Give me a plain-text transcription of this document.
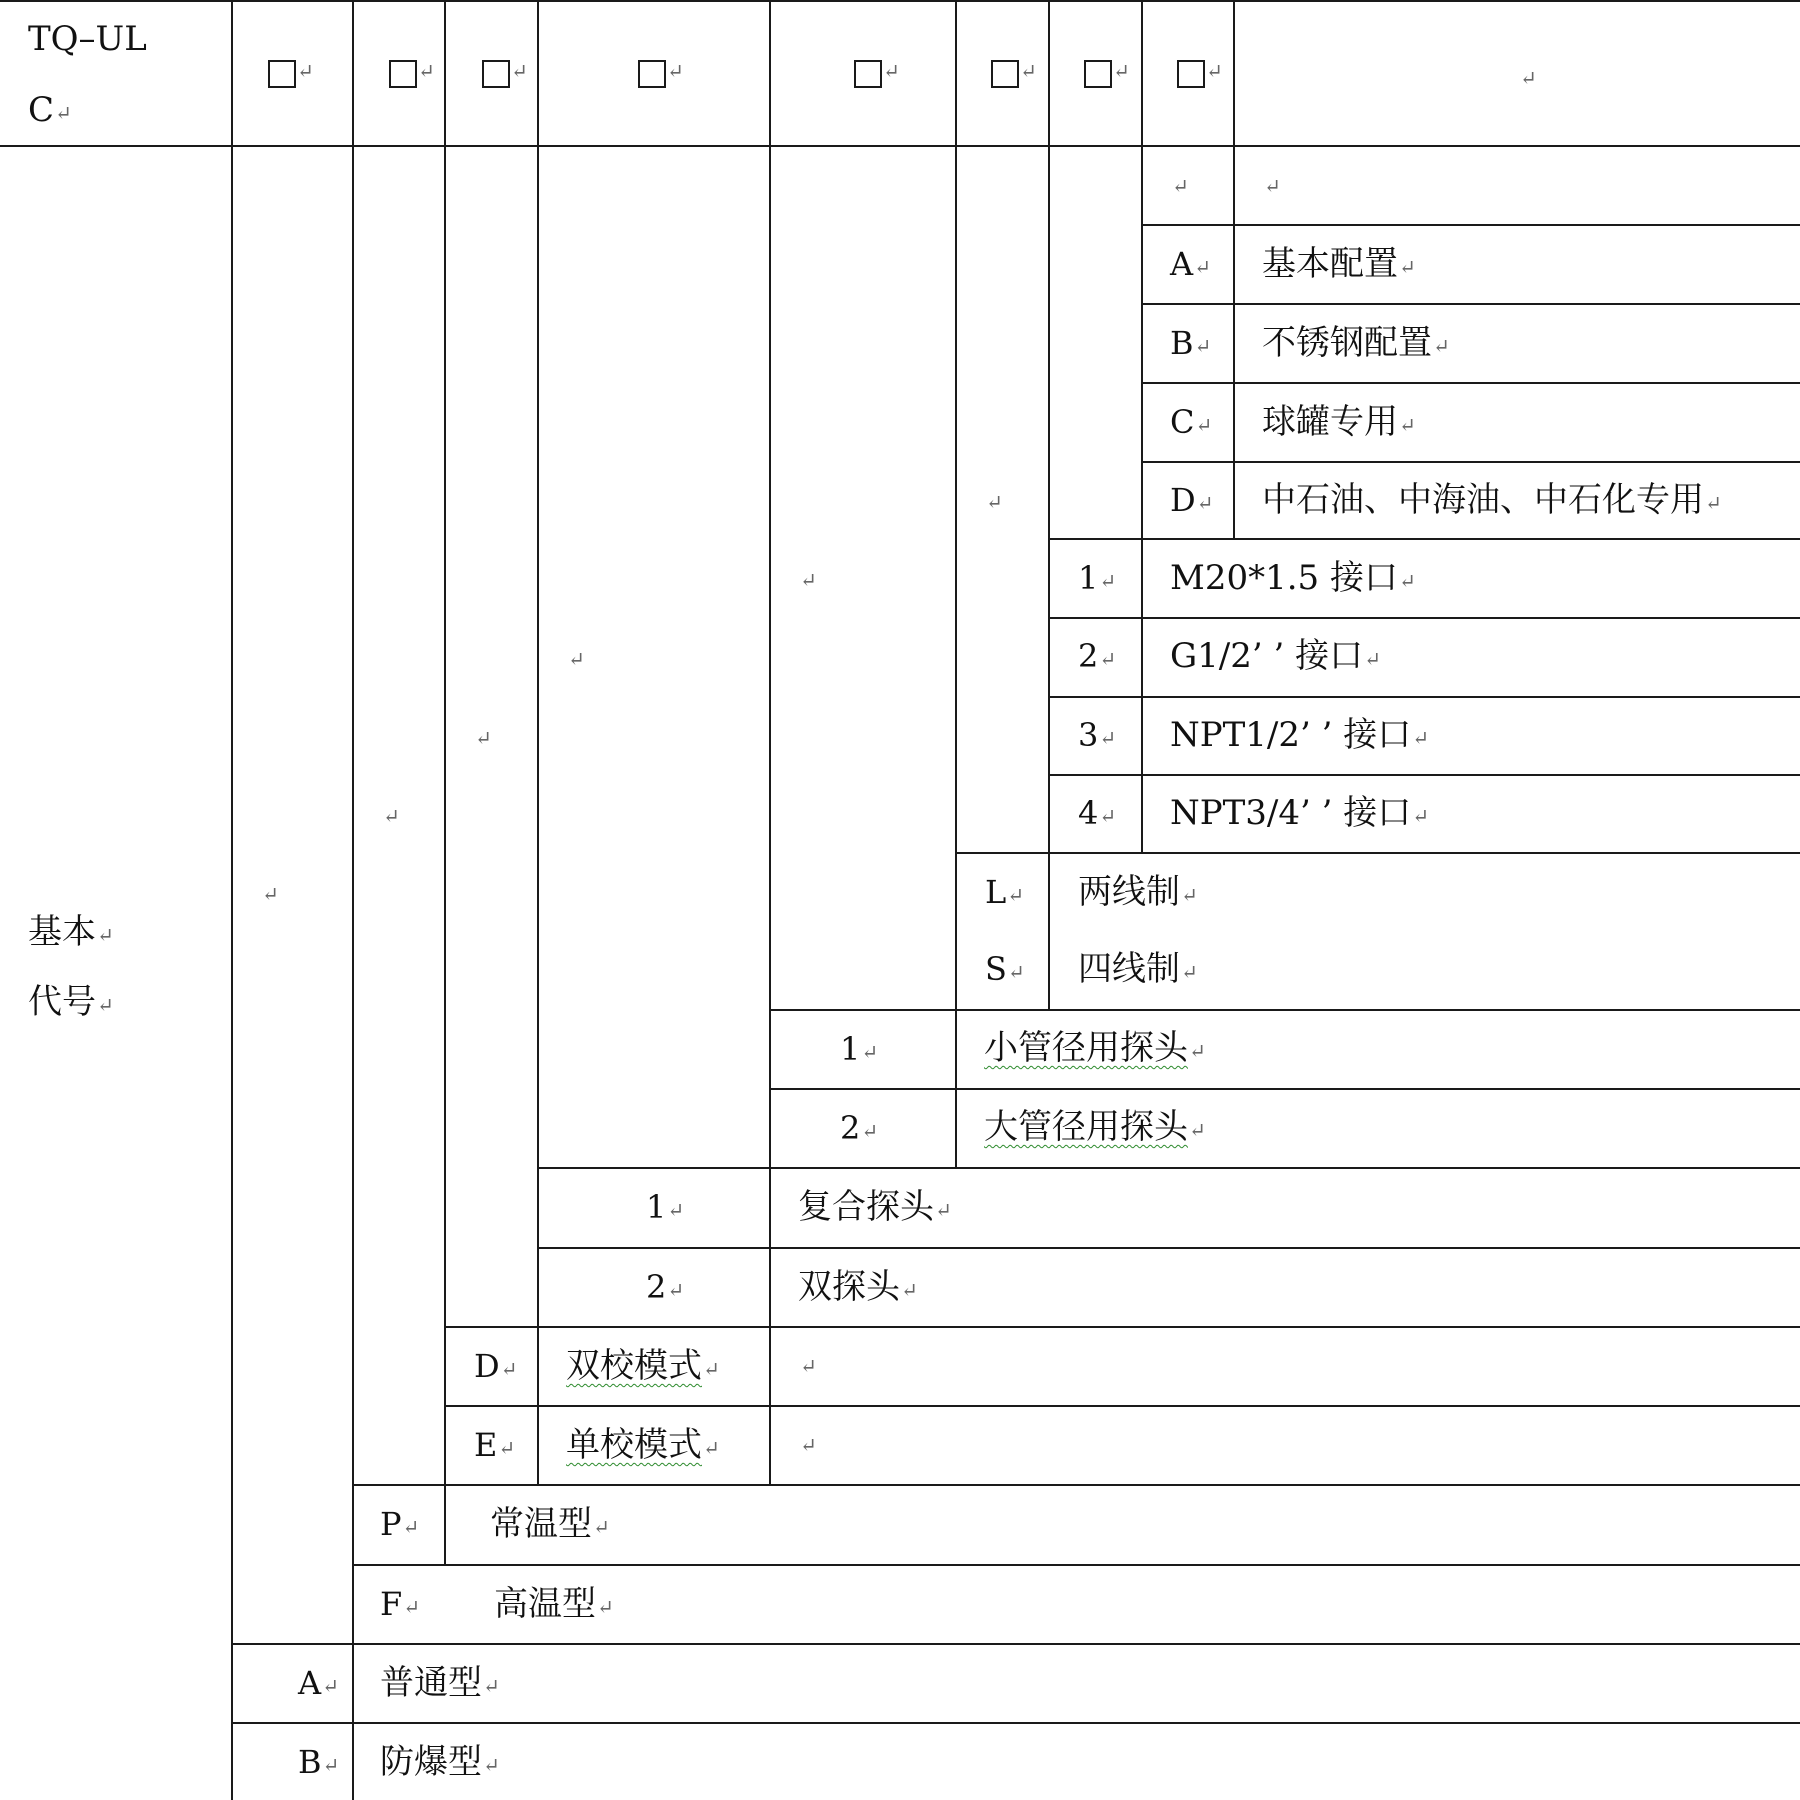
TQ–UL
C↵
↵	↵	↵	↵	↵	↵	↵	↵	↵
基本↵
代号↵
↵
↵
↵
↵
↵
↵
↵	↵
A↵ 基本配置↵
B↵ 不锈钢配置↵
C↵ 球罐专用↵
D↵ 中石油、中海油、中石化专用↵
1↵ M20*1.5 接口↵
2↵ G1/2’ ’ 接口↵
3↵ NPT1/2’ ’ 接口↵
4↵ NPT3/4’ ’ 接口↵
L↵ 两线制↵
S↵ 四线制↵
1↵	小管径用探头↵
2↵	大管径用探头↵
1↵	复合探头↵
2↵	双探头↵
D↵ 双校模式↵	↵
E↵ 单校模式↵	↵
P↵ 常温型↵
F↵ 高温型↵
A↵ 普通型↵
B↵ 防爆型↵
